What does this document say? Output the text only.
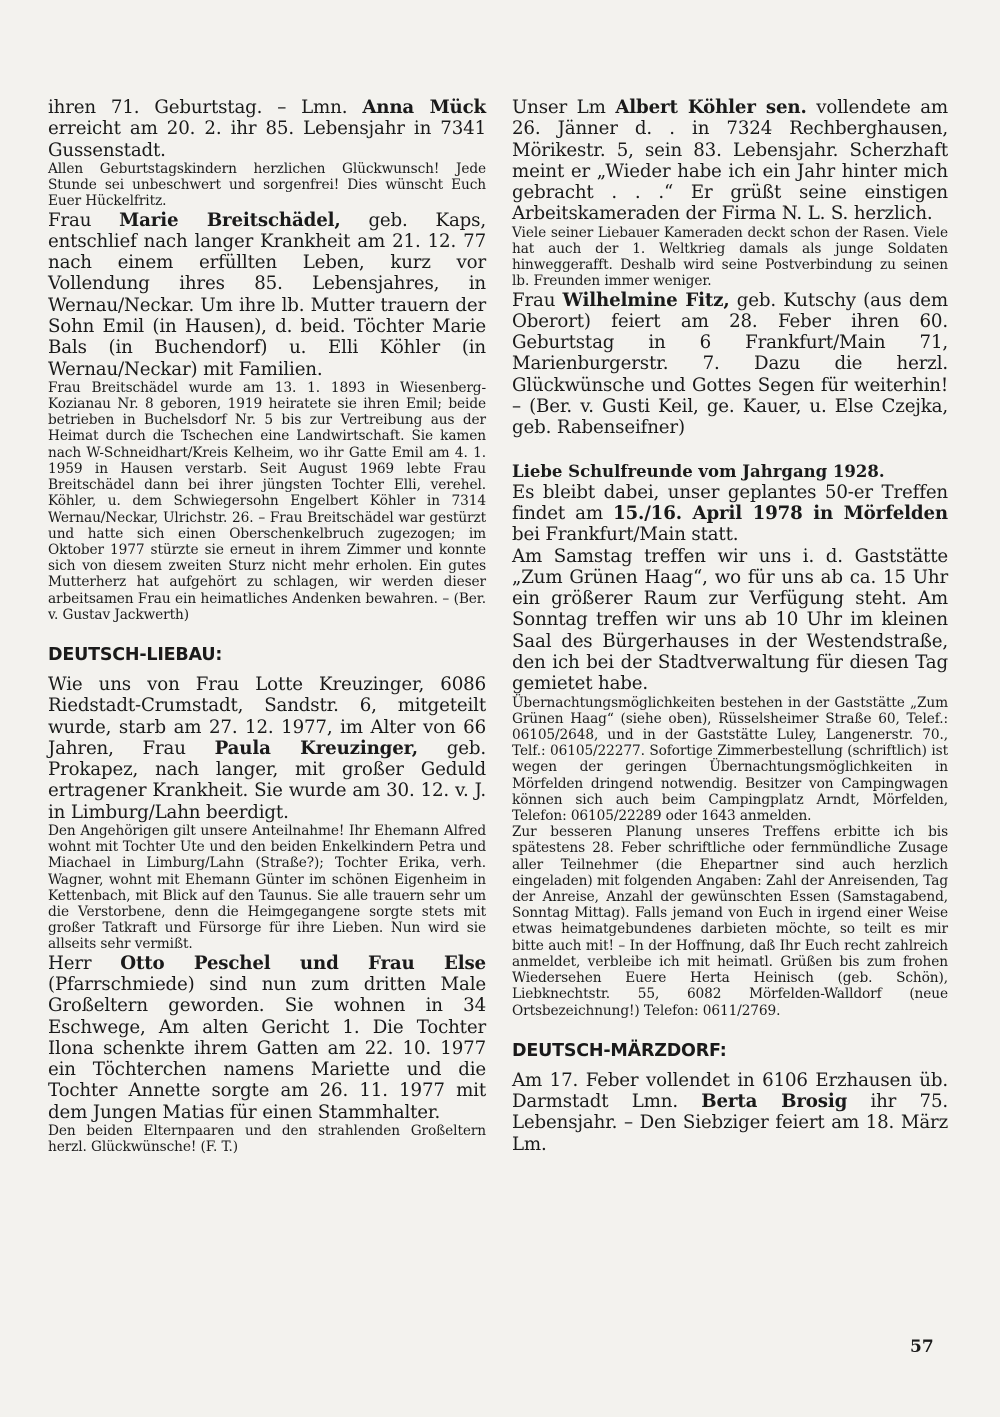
ihren 71. Geburtstag. – Lmn. Anna Mück erreicht am 20. 2. ihr 85. Lebensjahr in 7341 Gussenstadt.

Allen Geburtstagskindern herzlichen Glückwunsch! Jede Stunde sei unbeschwert und sorgenfrei! Dies wünscht Euch Euer Hückelfritz.

Frau Marie Breitschädel, geb. Kaps, entschlief nach langer Krankheit am 21. 12. 77 nach einem erfüllten Leben, kurz vor Vollendung ihres 85. Lebensjahres, in Wernau/Neckar. Um ihre lb. Mutter trauern der Sohn Emil (in Hausen), d. beid. Töchter Marie Bals (in Buchendorf) u. Elli Köhler (in Wernau/Neckar) mit Familien.

Frau Breitschädel wurde am 13. 1. 1893 in Wiesenberg-Kozianau Nr. 8 geboren, 1919 heiratete sie ihren Emil; beide betrieben in Buchelsdorf Nr. 5 bis zur Vertreibung aus der Heimat durch die Tschechen eine Landwirtschaft. Sie kamen nach W-Schneidhart/Kreis Kelheim, wo ihr Gatte Emil am 4. 1. 1959 in Hausen verstarb. Seit August 1969 lebte Frau Breitschädel dann bei ihrer jüngsten Tochter Elli, verehel. Köhler, u. dem Schwiegersohn Engelbert Köhler in 7314 Wernau/Neckar, Ulrichstr. 26. – Frau Breitschädel war gestürzt und hatte sich einen Oberschenkelbruch zugezogen; im Oktober 1977 stürzte sie erneut in ihrem Zimmer und konnte sich von diesem zweiten Sturz nicht mehr erholen. Ein gutes Mutterherz hat aufgehört zu schlagen, wir werden dieser arbeitsamen Frau ein heimatliches Andenken bewahren. – (Ber. v. Gustav Jackwerth)

DEUTSCH-LIEBAU:

Wie uns von Frau Lotte Kreuzinger, 6086 Riedstadt-Crumstadt, Sandstr. 6, mitgeteilt wurde, starb am 27. 12. 1977, im Alter von 66 Jahren, Frau Paula Kreuzinger, geb. Prokapez, nach langer, mit großer Geduld ertragener Krankheit. Sie wurde am 30. 12. v. J. in Limburg/Lahn beerdigt.

Den Angehörigen gilt unsere Anteilnahme! Ihr Ehemann Alfred wohnt mit Tochter Ute und den beiden Enkelkindern Petra und Miachael in Limburg/Lahn (Straße?); Tochter Erika, verh. Wagner, wohnt mit Ehemann Günter im schönen Eigenheim in Kettenbach, mit Blick auf den Taunus. Sie alle trauern sehr um die Verstorbene, denn die Heimgegangene sorgte stets mit großer Tatkraft und Fürsorge für ihre Lieben. Nun wird sie allseits sehr vermißt.

Herr Otto Peschel und Frau Else (Pfarrschmiede) sind nun zum dritten Male Großeltern geworden. Sie wohnen in 34 Eschwege, Am alten Gericht 1. Die Tochter Ilona schenkte ihrem Gatten am 22. 10. 1977 ein Töchterchen namens Mariette und die Tochter Annette sorgte am 26. 11. 1977 mit dem Jungen Matias für einen Stammhalter.

Den beiden Elternpaaren und den strahlenden Großeltern herzl. Glückwünsche! (F. T.)

Unser Lm Albert Köhler sen. vollendete am 26. Jänner d. . in 7324 Rechberghausen, Mörikestr. 5, sein 83. Lebensjahr. Scherzhaft meint er „Wieder habe ich ein Jahr hinter mich gebracht . . .“ Er grüßt seine einstigen Arbeitskameraden der Firma N. L. S. herzlich.

Viele seiner Liebauer Kameraden deckt schon der Rasen. Viele hat auch der 1. Weltkrieg damals als junge Soldaten hinweggerafft. Deshalb wird seine Postverbindung zu seinen lb. Freunden immer weniger.

Frau Wilhelmine Fitz, geb. Kutschy (aus dem Oberort) feiert am 28. Feber ihren 60. Geburtstag in 6 Frankfurt/Main 71, Marienburgerstr. 7. Dazu die herzl. Glückwünsche und Gottes Segen für weiterhin! – (Ber. v. Gusti Keil, ge. Kauer, u. Else Czejka, geb. Rabenseifner)

Liebe Schulfreunde vom Jahrgang 1928.

Es bleibt dabei, unser geplantes 50-er Treffen findet am 15./16. April 1978 in Mörfelden bei Frankfurt/Main statt.

Am Samstag treffen wir uns i. d. Gaststätte „Zum Grünen Haag“, wo für uns ab ca. 15 Uhr ein größerer Raum zur Verfügung steht. Am Sonntag treffen wir uns ab 10 Uhr im kleinen Saal des Bürgerhauses in der Westendstraße, den ich bei der Stadtverwaltung für diesen Tag gemietet habe.

Übernachtungsmöglichkeiten bestehen in der Gaststätte „Zum Grünen Haag“ (siehe oben), Rüsselsheimer Straße 60, Telef.: 06105/2648, und in der Gaststätte Luley, Langenerstr. 70., Telf.: 06105/22277. Sofortige Zimmerbestellung (schriftlich) ist wegen der geringen Übernachtungsmöglichkeiten in Mörfelden dringend notwendig. Besitzer von Campingwagen können sich auch beim Campingplatz Arndt, Mörfelden, Telefon: 06105/22289 oder 1643 anmelden.

Zur besseren Planung unseres Treffens erbitte ich bis spätestens 28. Feber schriftliche oder fernmündliche Zusage aller Teilnehmer (die Ehepartner sind auch herzlich eingeladen) mit folgenden Angaben: Zahl der Anreisenden, Tag der Anreise, Anzahl der gewünschten Essen (Samstagabend, Sonntag Mittag). Falls jemand von Euch in irgend einer Weise etwas heimatgebundenes darbieten möchte, so teilt es mir bitte auch mit! – In der Hoffnung, daß Ihr Euch recht zahlreich anmeldet, verbleibe ich mit heimatl. Grüßen bis zum frohen Wiedersehen Euere Herta Heinisch (geb. Schön), Liebknechtstr. 55, 6082 Mörfelden-Walldorf (neue Ortsbezeichnung!) Telefon: 0611/2769.

DEUTSCH-MÄRZDORF:

Am 17. Feber vollendet in 6106 Erzhausen üb. Darmstadt Lmn. Berta Brosig ihr 75. Lebensjahr. – Den Siebziger feiert am 18. März Lm.

57
